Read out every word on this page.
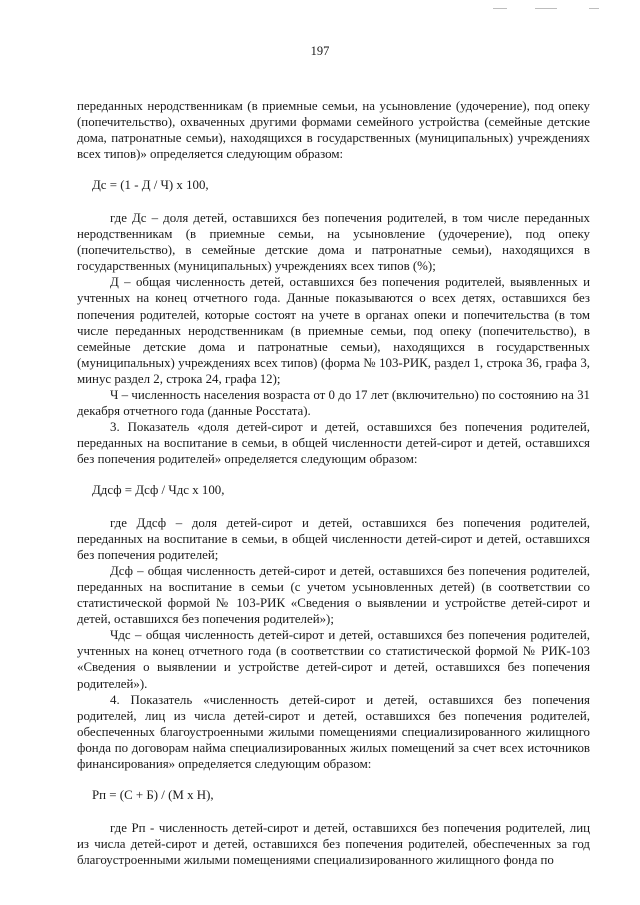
197

переданных неродственникам (в приемные семьи, на усыновление (удочерение), под опеку (попечительство), охваченных другими формами семейного устройства (семейные детские дома, патронатные семьи), находящихся в государственных (муниципальных) учреждениях всех типов)» определяется следующим образом:

Дс = (1 - Д / Ч) x 100,

где Дс – доля детей, оставшихся без попечения родителей, в том числе переданных неродственникам (в приемные семьи, на усыновление (удочерение), под опеку (попечительство), в семейные детские дома и патронатные семьи), находящихся в государственных (муниципальных) учреждениях всех типов (%);

Д – общая численность детей, оставшихся без попечения родителей, выявленных и учтенных на конец отчетного года. Данные показываются о всех детях, оставшихся без попечения родителей, которые состоят на учете в органах опеки и попечительства (в том числе переданных неродственникам (в приемные семьи, под опеку (попечительство), в семейные детские дома и патронатные семьи), находящихся в государственных (муниципальных) учреждениях всех типов) (форма № 103-РИК, раздел 1, строка 36, графа 3, минус раздел 2, строка 24, графа 12);

Ч – численность населения возраста от 0 до 17 лет (включительно) по состоянию на 31 декабря отчетного года (данные Росстата).

3. Показатель «доля детей-сирот и детей, оставшихся без попечения родителей, переданных на воспитание в семьи, в общей численности детей-сирот и детей, оставшихся без попечения родителей» определяется следующим образом:

Ддсф = Дсф / Чдс x 100,

где Ддсф – доля детей-сирот и детей, оставшихся без попечения родителей, переданных на воспитание в семьи, в общей численности детей-сирот и детей, оставшихся без попечения родителей;

Дсф – общая численность детей-сирот и детей, оставшихся без попечения родителей, переданных на воспитание в семьи (с учетом усыновленных детей) (в соответствии со статистической формой № 103-РИК «Сведения о выявлении и устройстве детей-сирот и детей, оставшихся без попечения родителей»);

Чдс – общая численность детей-сирот и детей, оставшихся без попечения родителей, учтенных на конец отчетного года (в соответствии со статистической формой № РИК-103 «Сведения о выявлении и устройстве детей-сирот и детей, оставшихся без попечения родителей»).

4. Показатель «численность детей-сирот и детей, оставшихся без попечения родителей, лиц из числа детей-сирот и детей, оставшихся без попечения родителей, обеспеченных благоустроенными жилыми помещениями специализированного жилищного фонда по договорам найма специализированных жилых помещений за счет всех источников финансирования» определяется следующим образом:

Рп = (С + Б) / (М х Н),

где Рп - численность детей-сирот и детей, оставшихся без попечения родителей, лиц из числа детей-сирот и детей, оставшихся без попечения родителей, обеспеченных за год благоустроенными жилыми помещениями специализированного жилищного фонда по
